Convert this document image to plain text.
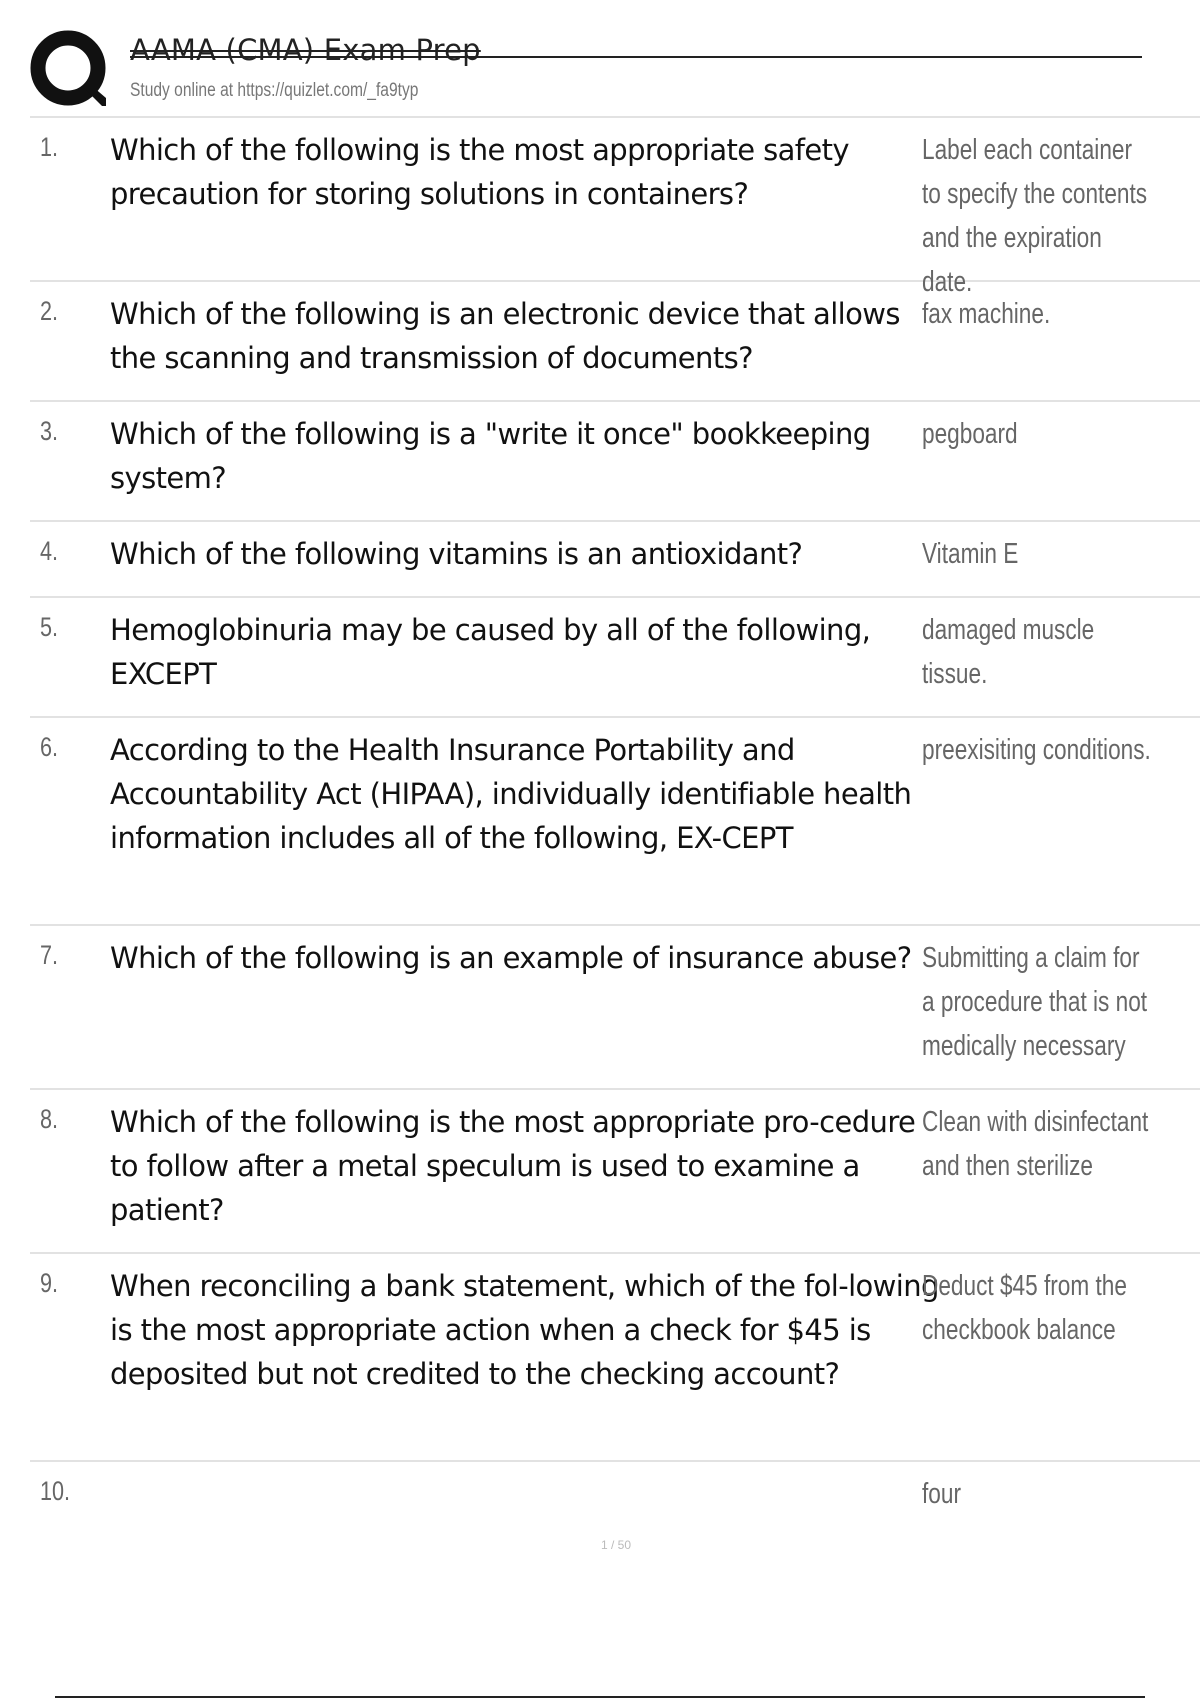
AAMA (CMA) Exam Prep
Study online at https://quizlet.com/_fa9typ
1. Which of the following is the most appropriate safety precaution for storing solutions in containers?
Label each container to specify the contents and the expiration date.
2. Which of the following is an electronic device that allows the scanning and transmission of documents?
fax machine.
3. Which of the following is a "write it once" bookkeeping system?
pegboard
4. Which of the following vitamins is an antioxidant?	Vitamin E
5. Hemoglobinuria may be caused by all of the following, EXCEPT
damaged muscle tissue.
6. According to the Health Insurance Portability and Accountability Act (HIPAA), individually identifiable health information includes all of the following, EX-CEPT
preexisiting conditions.
7. Which of the following is an example of insurance abuse? Submitting a claim for a procedure that is not medically necessary
8. Which of the following is the most appropriate pro-cedure to follow after a metal speculum is used to examine a patient?
Clean with disinfectant and then sterilize
9. When reconciling a bank statement, which of the fol-lowing is the most appropriate action when a check for $45 is deposited but not credited to the checking account?
Deduct $45 from the checkbook balance
10.	four
1 / 50
